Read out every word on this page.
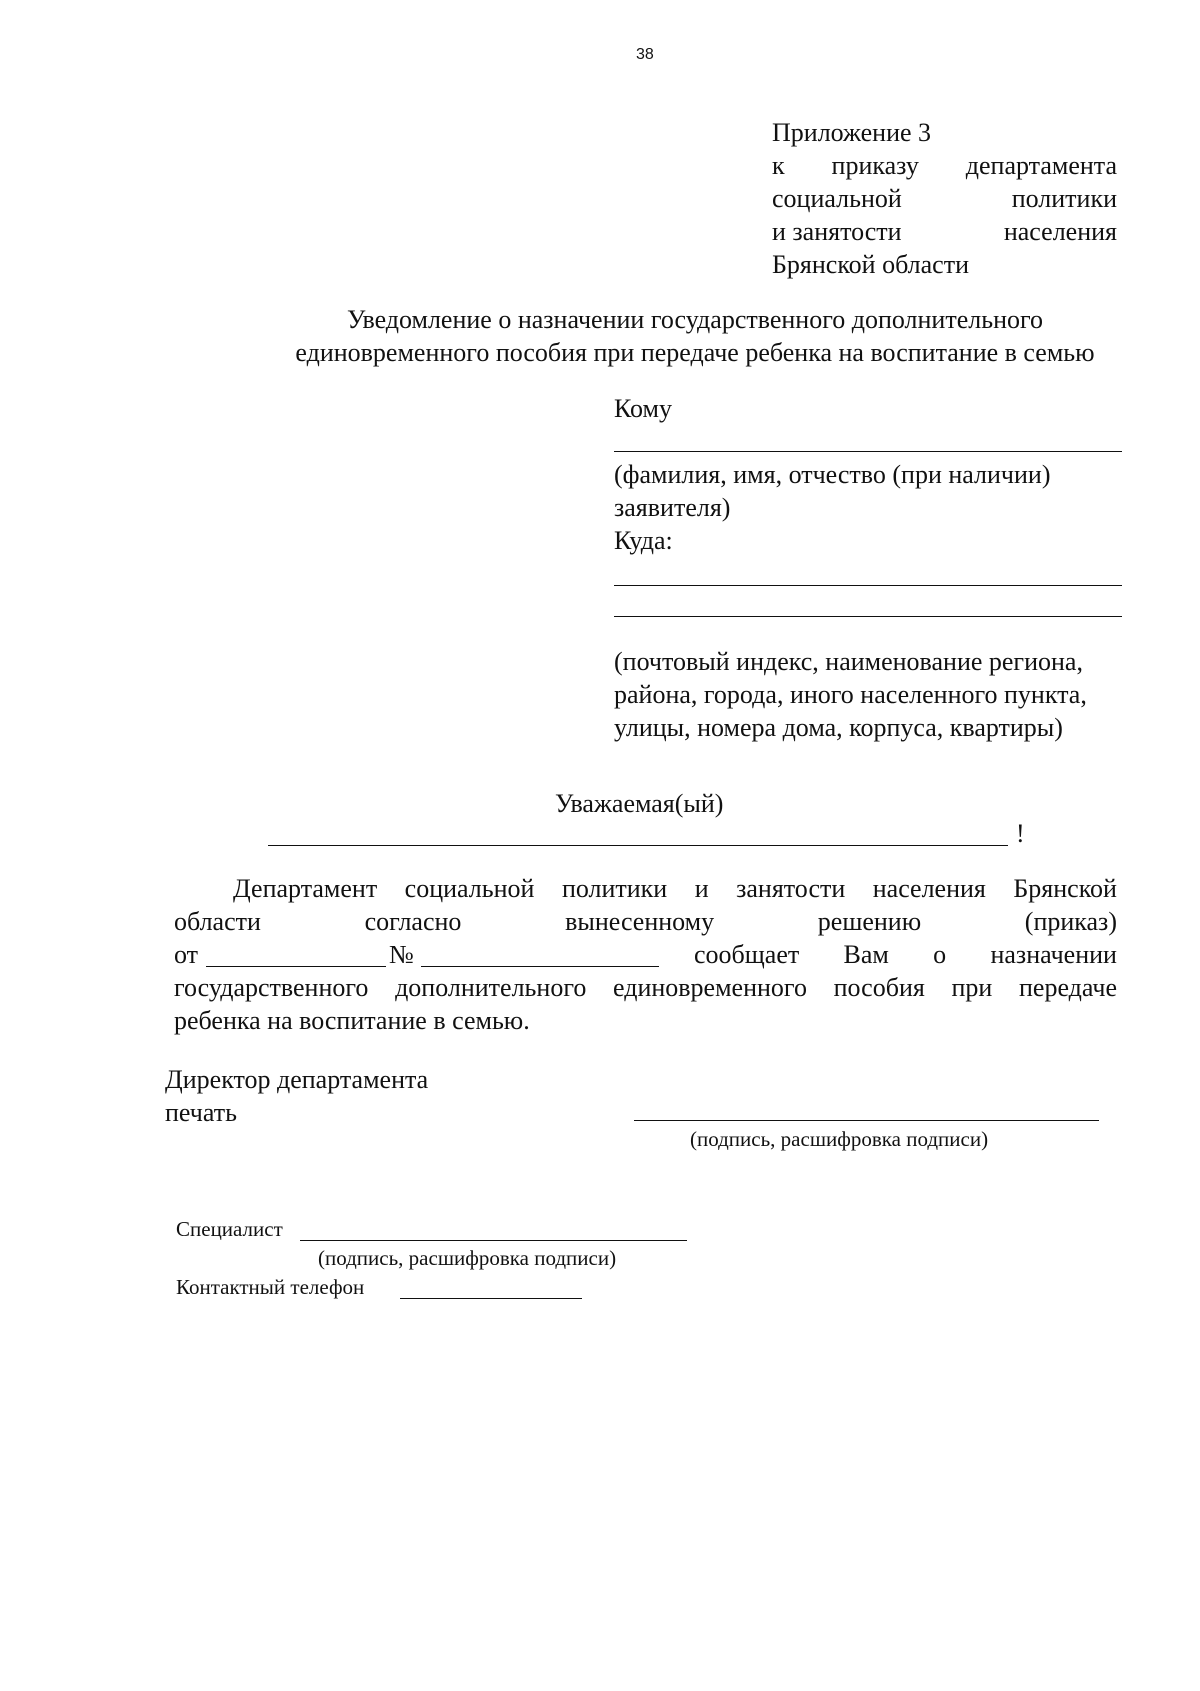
38
Приложение 3
к приказу департамента
социальной	политики
и занятости	населения
Брянской области
Уведомление о назначении государственного дополнительного
единовременного пособия при передаче ребенка на воспитание в семью
Кому
(фамилия, имя, отчество (при наличии)
заявителя)
Куда:
(почтовый индекс, наименование региона,
района, города, иного населенного пункта,
улицы, номера дома, корпуса, квартиры)
Уважаемая(ый)
!
Департамент социальной политики и занятости населения Брянской
области	согласно	вынесенному	решению	(приказ)
от	№	сообщает Вам о назначении
государственного дополнительного единовременного пособия при передаче
ребенка на воспитание в семью.
Директор департамента
печать
(подпись, расшифровка подписи)
Специалист
(подпись, расшифровка подписи)
Контактный телефон
